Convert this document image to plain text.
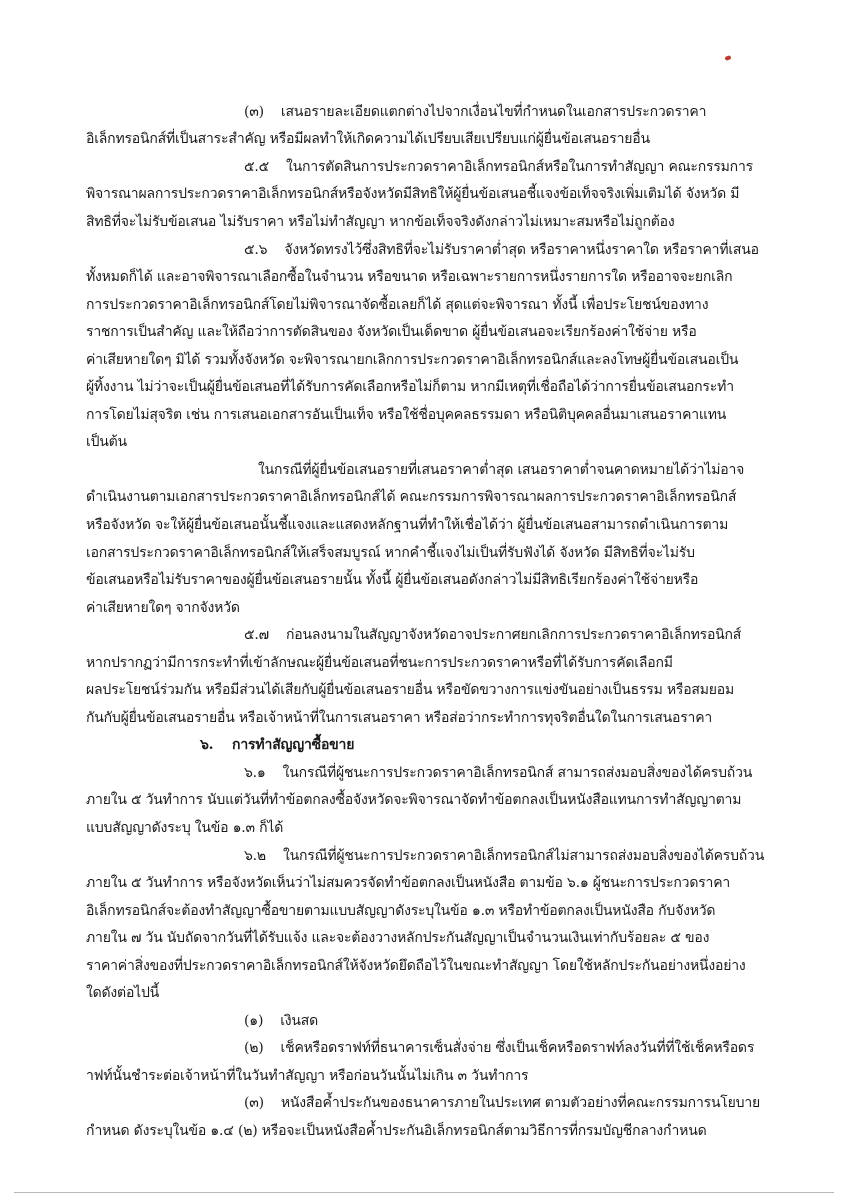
(๓)    เสนอรายละเอียดแตกต่างไปจากเงื่อนไขที่กำหนดในเอกสารประกวดราคา
อิเล็กทรอนิกส์ที่เป็นสาระสำคัญ หรือมีผลทำให้เกิดความได้เปรียบเสียเปรียบแก่ผู้ยื่นข้อเสนอรายอื่น
๕.๕    ในการตัดสินการประกวดราคาอิเล็กทรอนิกส์หรือในการทำสัญญา คณะกรรมการ
พิจารณาผลการประกวดราคาอิเล็กทรอนิกส์หรือจังหวัดมีสิทธิให้ผู้ยื่นข้อเสนอชี้แจงข้อเท็จจริงเพิ่มเติมได้ จังหวัด มี
สิทธิที่จะไม่รับข้อเสนอ ไม่รับราคา หรือไม่ทำสัญญา หากข้อเท็จจริงดังกล่าวไม่เหมาะสมหรือไม่ถูกต้อง
๕.๖    จังหวัดทรงไว้ซึ่งสิทธิที่จะไม่รับราคาต่ำสุด หรือราคาหนึ่งราคาใด หรือราคาที่เสนอ
ทั้งหมดก็ได้ และอาจพิจารณาเลือกซื้อในจำนวน หรือขนาด หรือเฉพาะรายการหนึ่งรายการใด หรืออาจจะยกเลิก
การประกวดราคาอิเล็กทรอนิกส์โดยไม่พิจารณาจัดซื้อเลยก็ได้ สุดแต่จะพิจารณา ทั้งนี้ เพื่อประโยชน์ของทาง
ราชการเป็นสำคัญ และให้ถือว่าการตัดสินของ จังหวัดเป็นเด็ดขาด ผู้ยื่นข้อเสนอจะเรียกร้องค่าใช้จ่าย หรือ
ค่าเสียหายใดๆ มิได้ รวมทั้งจังหวัด จะพิจารณายกเลิกการประกวดราคาอิเล็กทรอนิกส์และลงโทษผู้ยื่นข้อเสนอเป็น
ผู้ทิ้งงาน ไม่ว่าจะเป็นผู้ยื่นข้อเสนอที่ได้รับการคัดเลือกหรือไม่ก็ตาม หากมีเหตุที่เชื่อถือได้ว่าการยื่นข้อเสนอกระทำ
การโดยไม่สุจริต เช่น การเสนอเอกสารอันเป็นเท็จ หรือใช้ชื่อบุคคลธรรมดา หรือนิติบุคคลอื่นมาเสนอราคาแทน
เป็นต้น
ในกรณีที่ผู้ยื่นข้อเสนอรายที่เสนอราคาต่ำสุด เสนอราคาต่ำจนคาดหมายได้ว่าไม่อาจ
ดำเนินงานตามเอกสารประกวดราคาอิเล็กทรอนิกส์ได้ คณะกรรมการพิจารณาผลการประกวดราคาอิเล็กทรอนิกส์
หรือจังหวัด จะให้ผู้ยื่นข้อเสนอนั้นชี้แจงและแสดงหลักฐานที่ทำให้เชื่อได้ว่า ผู้ยื่นข้อเสนอสามารถดำเนินการตาม
เอกสารประกวดราคาอิเล็กทรอนิกส์ให้เสร็จสมบูรณ์ หากคำชี้แจงไม่เป็นที่รับฟังได้ จังหวัด มีสิทธิที่จะไม่รับ
ข้อเสนอหรือไม่รับราคาของผู้ยื่นข้อเสนอรายนั้น ทั้งนี้ ผู้ยื่นข้อเสนอดังกล่าวไม่มีสิทธิเรียกร้องค่าใช้จ่ายหรือ
ค่าเสียหายใดๆ จากจังหวัด
๕.๗    ก่อนลงนามในสัญญาจังหวัดอาจประกาศยกเลิกการประกวดราคาอิเล็กทรอนิกส์
หากปรากฏว่ามีการกระทำที่เข้าลักษณะผู้ยื่นข้อเสนอที่ชนะการประกวดราคาหรือที่ได้รับการคัดเลือกมี
ผลประโยชน์ร่วมกัน หรือมีส่วนได้เสียกับผู้ยื่นข้อเสนอรายอื่น หรือขัดขวางการแข่งขันอย่างเป็นธรรม หรือสมยอม
กันกับผู้ยื่นข้อเสนอรายอื่น หรือเจ้าหน้าที่ในการเสนอราคา หรือส่อว่ากระทำการทุจริตอื่นใดในการเสนอราคา
๖.    การทำสัญญาซื้อขาย
๖.๑    ในกรณีที่ผู้ชนะการประกวดราคาอิเล็กทรอนิกส์ สามารถส่งมอบสิ่งของได้ครบถ้วน
ภายใน ๕ วันทำการ นับแต่วันที่ทำข้อตกลงซื้อจังหวัดจะพิจารณาจัดทำข้อตกลงเป็นหนังสือแทนการทำสัญญาตาม
แบบสัญญาดังระบุ ในข้อ ๑.๓ ก็ได้
๖.๒    ในกรณีที่ผู้ชนะการประกวดราคาอิเล็กทรอนิกส์ไม่สามารถส่งมอบสิ่งของได้ครบถ้วน
ภายใน ๕ วันทำการ หรือจังหวัดเห็นว่าไม่สมควรจัดทำข้อตกลงเป็นหนังสือ ตามข้อ ๖.๑ ผู้ชนะการประกวดราคา
อิเล็กทรอนิกส์จะต้องทำสัญญาซื้อขายตามแบบสัญญาดังระบุในข้อ ๑.๓ หรือทำข้อตกลงเป็นหนังสือ กับจังหวัด
ภายใน ๗ วัน นับถัดจากวันที่ได้รับแจ้ง และจะต้องวางหลักประกันสัญญาเป็นจำนวนเงินเท่ากับร้อยละ ๕ ของ
ราคาค่าสิ่งของที่ประกวดราคาอิเล็กทรอนิกส์ให้จังหวัดยึดถือไว้ในขณะทำสัญญา โดยใช้หลักประกันอย่างหนึ่งอย่าง
ใดดังต่อไปนี้
(๑)    เงินสด
(๒)    เช็คหรือดราฟท์ที่ธนาคารเซ็นสั่งจ่าย ซึ่งเป็นเช็คหรือดราฟท์ลงวันที่ที่ใช้เช็คหรือดร
าฟท์นั้นชำระต่อเจ้าหน้าที่ในวันทำสัญญา หรือก่อนวันนั้นไม่เกิน ๓ วันทำการ
(๓)    หนังสือค้ำประกันของธนาคารภายในประเทศ ตามตัวอย่างที่คณะกรรมการนโยบาย
กำหนด ดังระบุในข้อ ๑.๔ (๒) หรือจะเป็นหนังสือค้ำประกันอิเล็กทรอนิกส์ตามวิธีการที่กรมบัญชีกลางกำหนด
